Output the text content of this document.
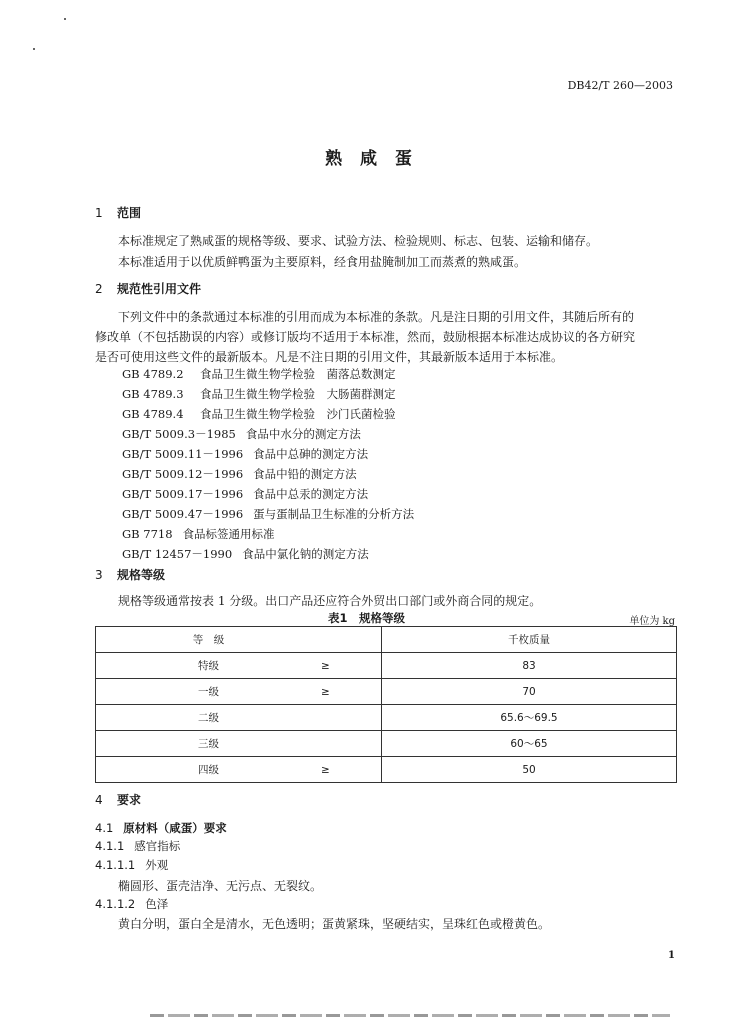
DB42/T 260—2003
熟 咸 蛋
1 范围
本标准规定了熟咸蛋的规格等级、要求、试验方法、检验规则、标志、包装、运输和储存。
本标准适用于以优质鲜鸭蛋为主要原料，经食用盐腌制加工而蒸煮的熟咸蛋。
2 规范性引用文件
下列文件中的条款通过本标准的引用而成为本标准的条款。凡是注日期的引用文件，其随后所有的
修改单（不包括勘误的内容）或修订版均不适用于本标准，然而，鼓励根据本标准达成协议的各方研究
是否可使用这些文件的最新版本。凡是不注日期的引用文件，其最新版本适用于本标准。
GB 4789.2 食品卫生微生物学检验　菌落总数测定
GB 4789.3 食品卫生微生物学检验　大肠菌群测定
GB 4789.4 食品卫生微生物学检验　沙门氏菌检验
GB/T 5009.3－1985 食品中水分的测定方法
GB/T 5009.11－1996 食品中总砷的测定方法
GB/T 5009.12－1996 食品中铅的测定方法
GB/T 5009.17－1996 食品中总汞的测定方法
GB/T 5009.47－1996 蛋与蛋制品卫生标准的分析方法
GB 7718 食品标签通用标准
GB/T 12457－1990 食品中氯化钠的测定方法
3 规格等级
规格等级通常按表 1 分级。出口产品还应符合外贸出口部门或外商合同的规定。
表1　规格等级	单位为 kg
等　级		千枚质量
特级	≥	83
一级	≥	70
二级		65.6～69.5
三级		60～65
四级	≥	50
4 要求
4.1 原材料（咸蛋）要求
4.1.1 感官指标
4.1.1.1 外观
椭圆形、蛋壳洁净、无污点、无裂纹。
4.1.1.2 色泽
黄白分明，蛋白全是清水，无色透明；蛋黄紧珠，坚硬结实，呈珠红色或橙黄色。
1
